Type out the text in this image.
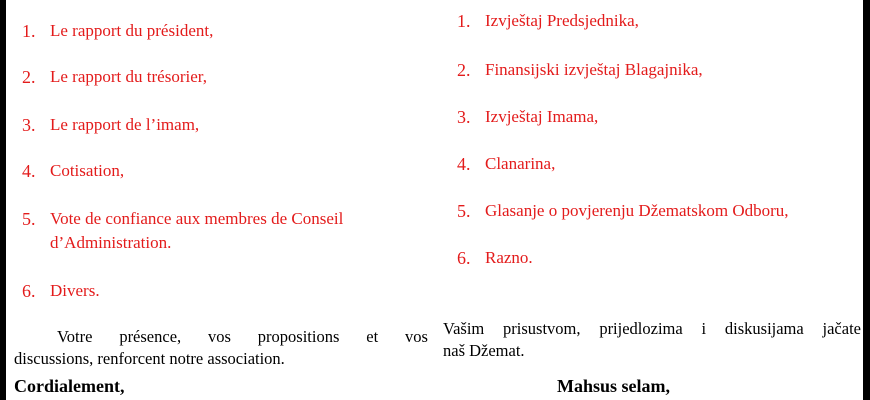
1. Le rapport du président,
2. Le rapport du trésorier,
3. Le rapport de l’imam,
4. Cotisation,
5. Vote de confiance aux membres de Conseil
d’Administration.
6. Divers.
Votre présence, vos propositions et vos
discussions, renforcent notre association.
Cordialement,
1. Izvještaj Predsjednika,
2. Finansijski izvještaj Blagajnika,
3. Izvještaj Imama,
4. Clanarina,
5. Glasanje o povjerenju Džematskom Odboru,
6. Razno.
Vašim prisustvom, prijedlozima i diskusijama jačate
naš Džemat.
Mahsus selam,
